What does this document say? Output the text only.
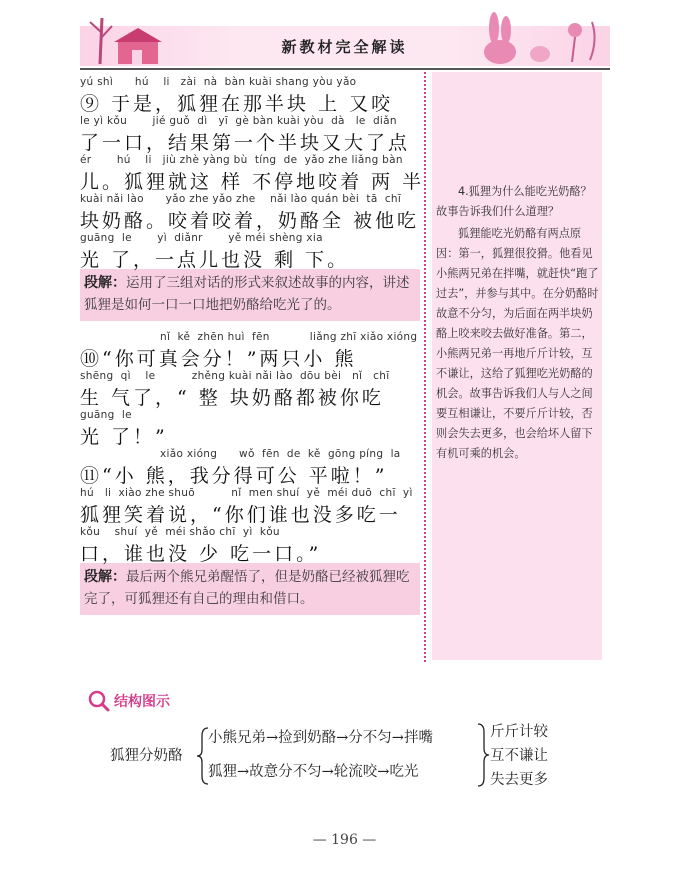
新教材完全解读
yú shì      hú    li   zài  nà  bàn kuài shang yòu yǎo
⑨ 于是，狐狸在那半块 上 又咬
le yì kǒu       jié guǒ  dì   yī  gè bàn kuài yòu  dà   le  diǎn
了一口，结果第一个半块又大了点
ér       hú    li   jiù zhè yàng bù  tíng  de  yǎo zhe liǎng bàn
儿。狐狸就这 样 不停地咬着 两 半
kuài nǎi lào      yǎo zhe yǎo zhe    nǎi lào quán bèi  tā  chī
块奶酪。咬着咬着，奶酪全 被他吃
guāng  le       yì  diǎnr       yě méi shèng xia
光 了，一点儿也没 剩 下。
段解：运用了三组对话的形式来叙述故事的内容，讲述狐狸是如何一口一口地把奶酪给吃光了的。
nǐ  kě  zhēn huì  fēn           liǎng zhī xiǎo xióng
⑩“你可真会分！”两只小 熊
shēng  qì    le          zhěng kuài nǎi lào  dōu bèi   nǐ   chī
生 气了，“ 整 块奶酪都被你吃
guāng  le
光 了！”
xiǎo xióng      wǒ  fēn  de  kě  gōng píng  la
⑪“小 熊，我分得可公 平啦！”
hú   li  xiào zhe shuō          nǐ  men shuí  yě  méi duō  chī  yì
狐狸笑着说，“你们谁也没多吃一
kǒu    shuí  yě  méi shǎo chī  yì  kǒu
口，谁也没 少 吃一口。”
段解：最后两个熊兄弟醒悟了，但是奶酪已经被狐狸吃完了，可狐狸还有自己的理由和借口。
4.狐狸为什么能吃光奶酪？故事告诉我们什么道理？
狐狸能吃光奶酪有两点原因：第一，狐狸很狡猾。他看见小熊两兄弟在拌嘴，就赶快“跑了过去”，并参与其中。在分奶酪时故意不分匀，为后面在两半块奶酪上咬来咬去做好准备。第二，小熊两兄弟一再地斤斤计较，互不谦让，这给了狐狸吃光奶酪的机会。故事告诉我们人与人之间要互相谦让，不要斤斤计较，否则会失去更多，也会给坏人留下有机可乘的机会。
结构图示
狐狸分奶酪
小熊兄弟→捡到奶酪→分不匀→拌嘴
狐狸→故意分不匀→轮流咬→吃光
斤斤计较
互不谦让
失去更多
— 196 —
